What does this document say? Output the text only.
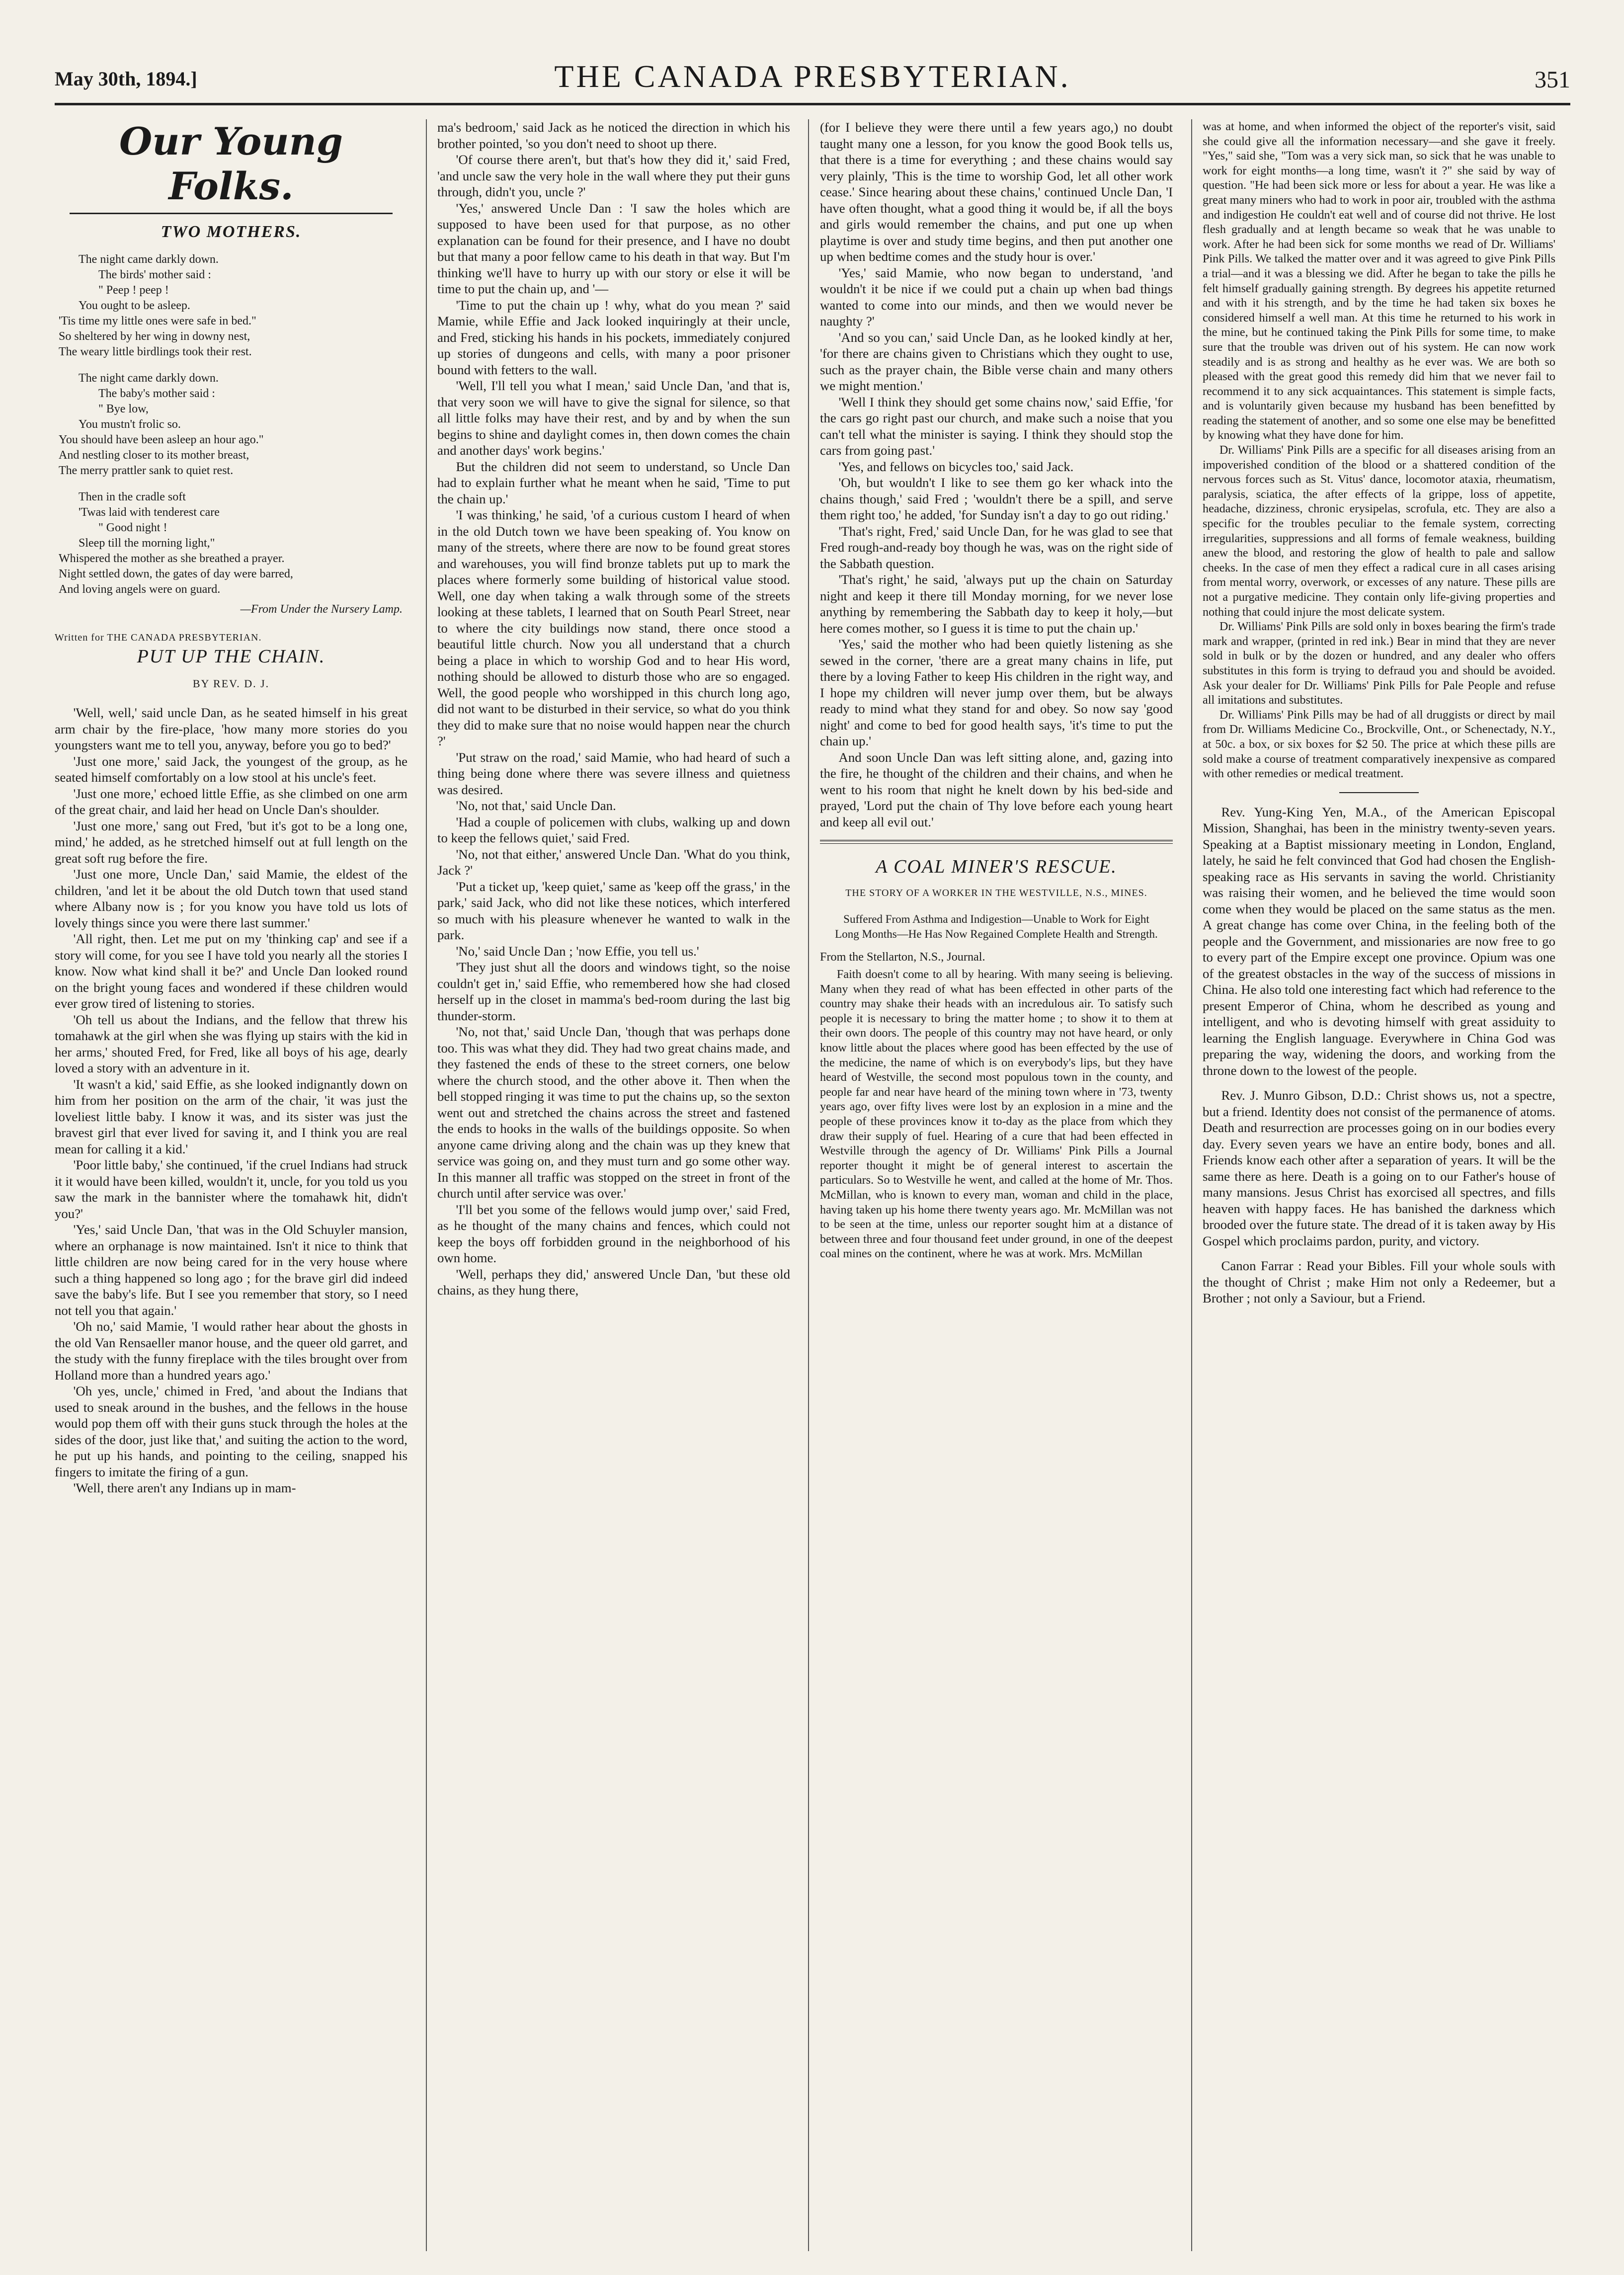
May 30th, 1894.]	THE CANADA PRESBYTERIAN.	351
Our Young Folks.
TWO MOTHERS.
The night came darkly down.
The birds' mother said :
" Peep ! peep !
You ought to be asleep.
'Tis time my little ones were safe in bed."
So sheltered by her wing in downy nest,
The weary little birdlings took their rest.
The night came darkly down.
The baby's mother said :
" Bye low,
You mustn't frolic so.
You should have been asleep an hour ago."
And nestling closer to its mother breast,
The merry prattler sank to quiet rest.
Then in the cradle soft
'Twas laid with tenderest care
" Good night !
Sleep till the morning light,"
Whispered the mother as she breathed a prayer.
Night settled down, the gates of day were barred,
And loving angels were on guard.
—From Under the Nursery Lamp.
Written for THE CANADA PRESBYTERIAN.
PUT UP THE CHAIN.
BY REV. D. J.

'Well, well,' said uncle Dan, as he seated himself in his great arm chair by the fire-place, 'how many more stories do you youngsters want me to tell you, anyway, before you go to bed?'

'Just one more,' said Jack, the youngest of the group, as he seated himself comfortably on a low stool at his uncle's feet.

'Just one more,' echoed little Effie, as she climbed on one arm of the great chair, and laid her head on Uncle Dan's shoulder.

'Just one more,' sang out Fred, 'but it's got to be a long one, mind,' he added, as he stretched himself out at full length on the great soft rug before the fire.

'Just one more, Uncle Dan,' said Mamie, the eldest of the children, 'and let it be about the old Dutch town that used stand where Albany now is ; for you know you have told us lots of lovely things since you were there last summer.'

'All right, then. Let me put on my 'thinking cap' and see if a story will come, for you see I have told you nearly all the stories I know. Now what kind shall it be?' and Uncle Dan looked round on the bright young faces and wondered if these children would ever grow tired of listening to stories.

'Oh tell us about the Indians, and the fellow that threw his tomahawk at the girl when she was flying up stairs with the kid in her arms,' shouted Fred, for Fred, like all boys of his age, dearly loved a story with an adventure in it.

'It wasn't a kid,' said Effie, as she looked indignantly down on him from her position on the arm of the chair, 'it was just the loveliest little baby. I know it was, and its sister was just the bravest girl that ever lived for saving it, and I think you are real mean for calling it a kid.'

'Poor little baby,' she continued, 'if the cruel Indians had struck it it would have been killed, wouldn't it, uncle, for you told us you saw the mark in the bannister where the tomahawk hit, didn't you?'

'Yes,' said Uncle Dan, 'that was in the Old Schuyler mansion, where an orphanage is now maintained. Isn't it nice to think that little children are now being cared for in the very house where such a thing happened so long ago ; for the brave girl did indeed save the baby's life. But I see you remember that story, so I need not tell you that again.'

'Oh no,' said Mamie, 'I would rather hear about the ghosts in the old Van Rensaeller manor house, and the queer old garret, and the study with the funny fireplace with the tiles brought over from Holland more than a hundred years ago.'

'Oh yes, uncle,' chimed in Fred, 'and about the Indians that used to sneak around in the bushes, and the fellows in the house would pop them off with their guns stuck through the holes at the sides of the door, just like that,' and suiting the action to the word, he put up his hands, and pointing to the ceiling, snapped his fingers to imitate the firing of a gun.

'Well, there aren't any Indians up in mam-

ma's bedroom,' said Jack as he noticed the direction in which his brother pointed, 'so you don't need to shoot up there.

'Of course there aren't, but that's how they did it,' said Fred, 'and uncle saw the very hole in the wall where they put their guns through, didn't you, uncle ?'

'Yes,' answered Uncle Dan : 'I saw the holes which are supposed to have been used for that purpose, as no other explanation can be found for their presence, and I have no doubt but that many a poor fellow came to his death in that way. But I'm thinking we'll have to hurry up with our story or else it will be time to put the chain up, and '—

'Time to put the chain up ! why, what do you mean ?' said Mamie, while Effie and Jack looked inquiringly at their uncle, and Fred, sticking his hands in his pockets, immediately conjured up stories of dungeons and cells, with many a poor prisoner bound with fetters to the wall.

'Well, I'll tell you what I mean,' said Uncle Dan, 'and that is, that very soon we will have to give the signal for silence, so that all little folks may have their rest, and by and by when the sun begins to shine and daylight comes in, then down comes the chain and another days' work begins.'

But the children did not seem to understand, so Uncle Dan had to explain further what he meant when he said, 'Time to put the chain up.'

'I was thinking,' he said, 'of a curious custom I heard of when in the old Dutch town we have been speaking of. You know on many of the streets, where there are now to be found great stores and warehouses, you will find bronze tablets put up to mark the places where formerly some building of historical value stood. Well, one day when taking a walk through some of the streets looking at these tablets, I learned that on South Pearl Street, near to where the city buildings now stand, there once stood a beautiful little church. Now you all understand that a church being a place in which to worship God and to hear His word, nothing should be allowed to disturb those who are so engaged. Well, the good people who worshipped in this church long ago, did not want to be disturbed in their service, so what do you think they did to make sure that no noise would happen near the church ?'

'Put straw on the road,' said Mamie, who had heard of such a thing being done where there was severe illness and quietness was desired.

'No, not that,' said Uncle Dan.

'Had a couple of policemen with clubs, walking up and down to keep the fellows quiet,' said Fred.

'No, not that either,' answered Uncle Dan. 'What do you think, Jack ?'

'Put a ticket up, 'keep quiet,' same as 'keep off the grass,' in the park,' said Jack, who did not like these notices, which interfered so much with his pleasure whenever he wanted to walk in the park.

'No,' said Uncle Dan ; 'now Effie, you tell us.'

'They just shut all the doors and windows tight, so the noise couldn't get in,' said Effie, who remembered how she had closed herself up in the closet in mamma's bed-room during the last big thunder-storm.

'No, not that,' said Uncle Dan, 'though that was perhaps done too. This was what they did. They had two great chains made, and they fastened the ends of these to the street corners, one below where the church stood, and the other above it. Then when the bell stopped ringing it was time to put the chains up, so the sexton went out and stretched the chains across the street and fastened the ends to hooks in the walls of the buildings opposite. So when anyone came driving along and the chain was up they knew that service was going on, and they must turn and go some other way. In this manner all traffic was stopped on the street in front of the church until after service was over.'

'I'll bet you some of the fellows would jump over,' said Fred, as he thought of the many chains and fences, which could not keep the boys off forbidden ground in the neighborhood of his own home.

'Well, perhaps they did,' answered Uncle Dan, 'but these old chains, as they hung there,

(for I believe they were there until a few years ago,) no doubt taught many one a lesson, for you know the good Book tells us, that there is a time for everything ; and these chains would say very plainly, 'This is the time to worship God, let all other work cease.' Since hearing about these chains,' continued Uncle Dan, 'I have often thought, what a good thing it would be, if all the boys and girls would remember the chains, and put one up when playtime is over and study time begins, and then put another one up when bedtime comes and the study hour is over.'

'Yes,' said Mamie, who now began to understand, 'and wouldn't it be nice if we could put a chain up when bad things wanted to come into our minds, and then we would never be naughty ?'

'And so you can,' said Uncle Dan, as he looked kindly at her, 'for there are chains given to Christians which they ought to use, such as the prayer chain, the Bible verse chain and many others we might mention.'

'Well I think they should get some chains now,' said Effie, 'for the cars go right past our church, and make such a noise that you can't tell what the minister is saying. I think they should stop the cars from going past.'

'Yes, and fellows on bicycles too,' said Jack.

'Oh, but wouldn't I like to see them go ker whack into the chains though,' said Fred ; 'wouldn't there be a spill, and serve them right too,' he added, 'for Sunday isn't a day to go out riding.'

'That's right, Fred,' said Uncle Dan, for he was glad to see that Fred rough-and-ready boy though he was, was on the right side of the Sabbath question.

'That's right,' he said, 'always put up the chain on Saturday night and keep it there till Monday morning, for we never lose anything by remembering the Sabbath day to keep it holy,—but here comes mother, so I guess it is time to put the chain up.'

'Yes,' said the mother who had been quietly listening as she sewed in the corner, 'there are a great many chains in life, put there by a loving Father to keep His children in the right way, and I hope my children will never jump over them, but be always ready to mind what they stand for and obey. So now say 'good night' and come to bed for good health says, 'it's time to put the chain up.'

And soon Uncle Dan was left sitting alone, and, gazing into the fire, he thought of the children and their chains, and when he went to his room that night he knelt down by his bed-side and prayed, 'Lord put the chain of Thy love before each young heart and keep all evil out.'

A COAL MINER'S RESCUE.
THE STORY OF A WORKER IN THE WESTVILLE, N.S., MINES.
Suffered From Asthma and Indigestion—Unable to Work for Eight Long Months—He Has Now Regained Complete Health and Strength.

From the Stellarton, N.S., Journal.

Faith doesn't come to all by hearing. With many seeing is believing. Many when they read of what has been effected in other parts of the country may shake their heads with an incredulous air. To satisfy such people it is necessary to bring the matter home ; to show it to them at their own doors. The people of this country may not have heard, or only know little about the places where good has been effected by the use of the medicine, the name of which is on everybody's lips, but they have heard of Westville, the second most populous town in the county, and people far and near have heard of the mining town where in '73, twenty years ago, over fifty lives were lost by an explosion in a mine and the people of these provinces know it to-day as the place from which they draw their supply of fuel. Hearing of a cure that had been effected in Westville through the agency of Dr. Williams' Pink Pills a Journal reporter thought it might be of general interest to ascertain the particulars. So to Westville he went, and called at the home of Mr. Thos. McMillan, who is known to every man, woman and child in the place, having taken up his home there twenty years ago. Mr. McMillan was not to be seen at the time, unless our reporter sought him at a distance of between three and four thousand feet under ground, in one of the deepest coal mines on the continent, where he was at work. Mrs. McMillan

was at home, and when informed the object of the reporter's visit, said she could give all the information necessary—and she gave it freely. "Yes," said she, "Tom was a very sick man, so sick that he was unable to work for eight months—a long time, wasn't it ?" she said by way of question. "He had been sick more or less for about a year. He was like a great many miners who had to work in poor air, troubled with the asthma and indigestion He couldn't eat well and of course did not thrive. He lost flesh gradually and at length became so weak that he was unable to work. After he had been sick for some months we read of Dr. Williams' Pink Pills. We talked the matter over and it was agreed to give Pink Pills a trial—and it was a blessing we did. After he began to take the pills he felt himself gradually gaining strength. By degrees his appetite returned and with it his strength, and by the time he had taken six boxes he considered himself a well man. At this time he returned to his work in the mine, but he continued taking the Pink Pills for some time, to make sure that the trouble was driven out of his system. He can now work steadily and is as strong and healthy as he ever was. We are both so pleased with the great good this remedy did him that we never fail to recommend it to any sick acquaintances. This statement is simple facts, and is voluntarily given because my husband has been benefitted by reading the statement of another, and so some one else may be benefitted by knowing what they have done for him.

Dr. Williams' Pink Pills are a specific for all diseases arising from an impoverished condition of the blood or a shattered condition of the nervous forces such as St. Vitus' dance, locomotor ataxia, rheumatism, paralysis, sciatica, the after effects of la grippe, loss of appetite, headache, dizziness, chronic erysipelas, scrofula, etc. They are also a specific for the troubles peculiar to the female system, correcting irregularities, suppressions and all forms of female weakness, building anew the blood, and restoring the glow of health to pale and sallow cheeks. In the case of men they effect a radical cure in all cases arising from mental worry, overwork, or excesses of any nature. These pills are not a purgative medicine. They contain only life-giving properties and nothing that could injure the most delicate system.

Dr. Williams' Pink Pills are sold only in boxes bearing the firm's trade mark and wrapper, (printed in red ink.) Bear in mind that they are never sold in bulk or by the dozen or hundred, and any dealer who offers substitutes in this form is trying to defraud you and should be avoided. Ask your dealer for Dr. Williams' Pink Pills for Pale People and refuse all imitations and substitutes.

Dr. Williams' Pink Pills may be had of all druggists or direct by mail from Dr. Williams Medicine Co., Brockville, Ont., or Schenectady, N.Y., at 50c. a box, or six boxes for $2 50. The price at which these pills are sold make a course of treatment comparatively inexpensive as compared with other remedies or medical treatment.

Rev. Yung-King Yen, M.A., of the American Episcopal Mission, Shanghai, has been in the ministry twenty-seven years. Speaking at a Baptist missionary meeting in London, England, lately, he said he felt convinced that God had chosen the English-speaking race as His servants in saving the world. Christianity was raising their women, and he believed the time would soon come when they would be placed on the same status as the men. A great change has come over China, in the feeling both of the people and the Government, and missionaries are now free to go to every part of the Empire except one province. Opium was one of the greatest obstacles in the way of the success of missions in China. He also told one interesting fact which had reference to the present Emperor of China, whom he described as young and intelligent, and who is devoting himself with great assiduity to learning the English language. Everywhere in China God was preparing the way, widening the doors, and working from the throne down to the lowest of the people.

Rev. J. Munro Gibson, D.D.: Christ shows us, not a spectre, but a friend. Identity does not consist of the permanence of atoms. Death and resurrection are processes going on in our bodies every day. Every seven years we have an entire body, bones and all. Friends know each other after a separation of years. It will be the same there as here. Death is a going on to our Father's house of many mansions. Jesus Christ has exorcised all spectres, and fills heaven with happy faces. He has banished the darkness which brooded over the future state. The dread of it is taken away by His Gospel which proclaims pardon, purity, and victory.

Canon Farrar : Read your Bibles. Fill your whole souls with the thought of Christ ; make Him not only a Redeemer, but a Brother ; not only a Saviour, but a Friend.
